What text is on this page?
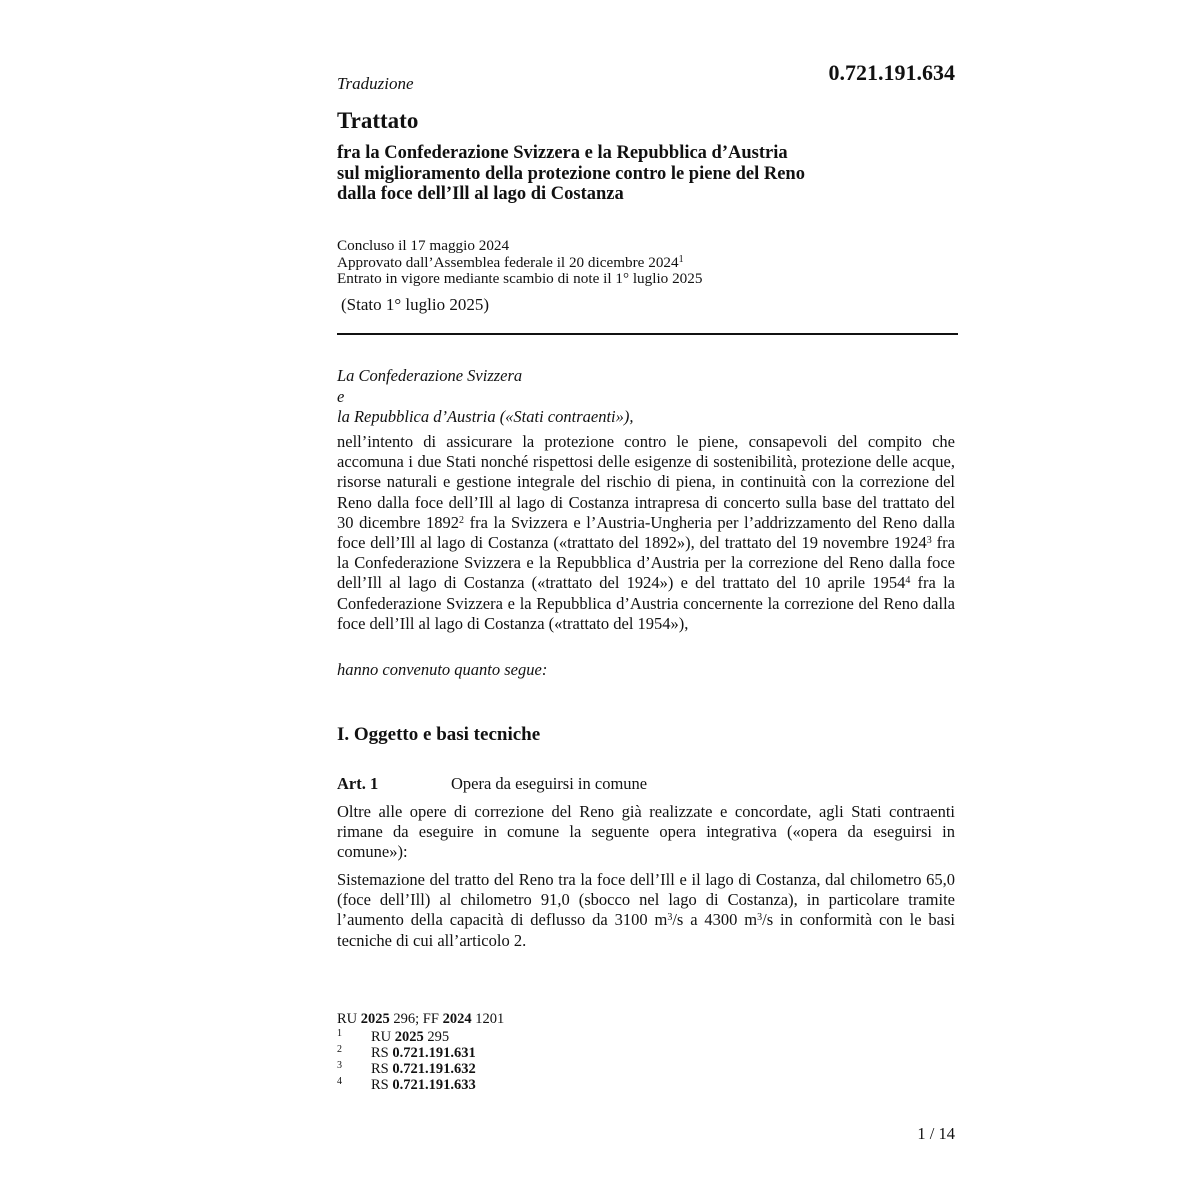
Traduzione	0.721.191.634
Trattato
fra la Confederazione Svizzera e la Repubblica d’Austria
sul miglioramento della protezione contro le piene del Reno
dalla foce dell’Ill al lago di Costanza
Concluso il 17 maggio 2024
Approvato dall’Assemblea federale il 20 dicembre 2024$^1$
Entrato in vigore mediante scambio di note il 1° luglio 2025
(Stato 1° luglio 2025)
La Confederazione Svizzera
e
la Repubblica d’Austria («Stati contraenti»),
nell’intento di assicurare la protezione contro le piene, consapevoli del compito che accomuna i due Stati nonché rispettosi delle esigenze di sostenibilità, protezione delle acque, risorse naturali e gestione integrale del rischio di piena, in continuità con la correzione del Reno dalla foce dell’Ill al lago di Costanza intrapresa di concerto sulla base del trattato del 30 dicembre 1892$^2$ fra la Svizzera e l’Austria-Ungheria per l’addrizzamento del Reno dalla foce dell’Ill al lago di Costanza («trattato del 1892»), del trattato del 19 novembre 1924$^3$ fra la Confederazione Svizzera e la Repubblica d’Austria per la correzione del Reno dalla foce dell’Ill al lago di Costanza («trattato del 1924») e del trattato del 10 aprile 1954$^4$ fra la Confederazione Svizzera e la Repubblica d’Austria concernente la correzione del Reno dalla foce dell’Ill al lago di Costanza («trattato del 1954»),
hanno convenuto quanto segue:
I. Oggetto e basi tecniche
Art. 1	Opera da eseguirsi in comune
Oltre alle opere di correzione del Reno già realizzate e concordate, agli Stati contraenti rimane da eseguire in comune la seguente opera integrativa («opera da eseguirsi in comune»):
Sistemazione del tratto del Reno tra la foce dell’Ill e il lago di Costanza, dal chilometro 65,0 (foce dell’Ill) al chilometro 91,0 (sbocco nel lago di Costanza), in particolare tramite l’aumento della capacità di deflusso da 3100 $m^3/s$ a 4300 $m^3/s$ in conformità con le basi tecniche di cui all’articolo 2.
RU 2025 296; FF 2024 1201
1 RU 2025 295
2 RS 0.721.191.631
3 RS 0.721.191.632
4 RS 0.721.191.633
1 / 14
